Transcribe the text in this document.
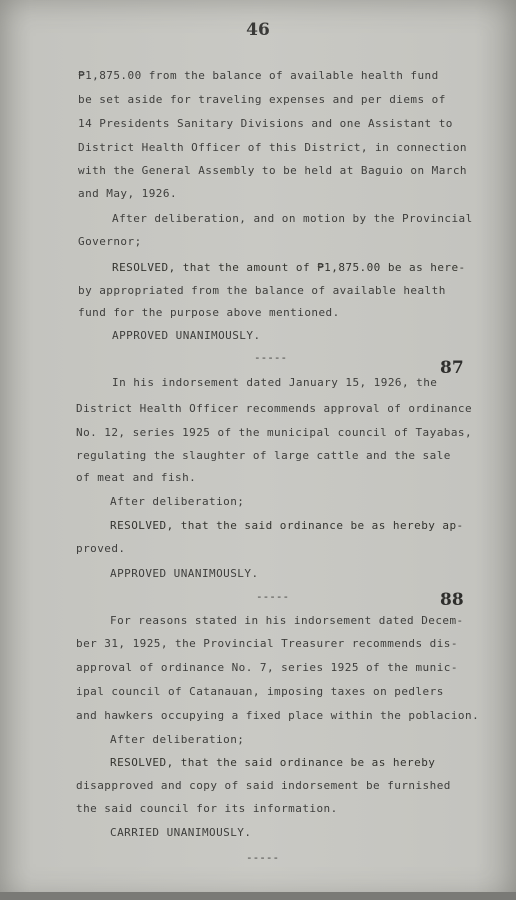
46
87
88
₱1,875.00 from the balance of available health fund
be set aside for traveling expenses and per diems of
14 Presidents Sanitary Divisions and one Assistant to
District Health Officer of this District, in connection
with the General Assembly to be held at Baguio on March
and May, 1926.
After deliberation, and on motion by the Provincial
Governor;
RESOLVED, that the amount of ₱1,875.00 be as here-
by appropriated from the balance of available health
fund for the purpose above mentioned.
APPROVED UNANIMOUSLY.
-----
In his indorsement dated January 15, 1926, the
District Health Officer recommends approval of ordinance
No. 12, series 1925 of the municipal council of Tayabas,
regulating the slaughter of large cattle and the sale
of meat and fish.
After deliberation;
RESOLVED, that the said ordinance be as hereby ap-
proved.
APPROVED UNANIMOUSLY.
-----
For reasons stated in his indorsement dated Decem-
ber 31, 1925, the Provincial Treasurer recommends dis-
approval of ordinance No. 7, series 1925 of the munic-
ipal council of Catanauan, imposing taxes on pedlers
and hawkers occupying a fixed place within the poblacion.
After deliberation;
RESOLVED, that the said ordinance be as hereby
disapproved and copy of said indorsement be furnished
the said council for its information.
CARRIED UNANIMOUSLY.
-----
